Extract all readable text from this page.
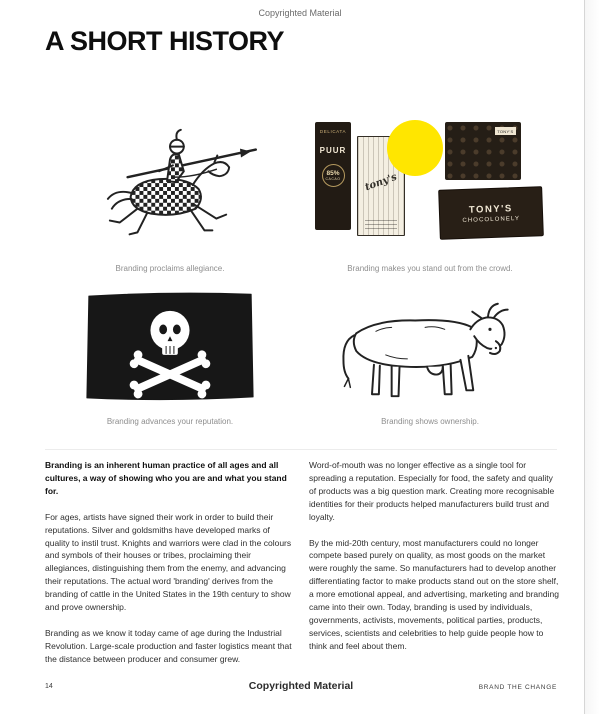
Copyrighted Material
A SHORT HISTORY
Branding proclaims allegiance.
DELICATA
PUUR
85%
CACAO	tony's
TONY'S
TONY'S
CHOCOLONELY
Branding makes you stand out from the crowd.
Branding advances your reputation.	Branding shows ownership.

Branding is an inherent human practice of all ages and all cultures, a way of showing who you are and what you stand for.

For ages, artists have signed their work in order to build their reputations. Silver and goldsmiths have developed marks of quality to instil trust. Knights and warriors were clad in the colours and symbols of their houses or tribes, proclaiming their allegiances, distinguishing them from the enemy, and advancing their reputations. The actual word 'branding' derives from the branding of cattle in the United States in the 19th century to show and prove ownership.

Branding as we know it today came of age during the Industrial Revolution. Large-scale production and faster logistics meant that the distance between producer and consumer grew.

Word-of-mouth was no longer effective as a single tool for spreading a reputation. Especially for food, the safety and quality of products was a big question mark. Creating more recognisable identities for their products helped manufacturers build trust and loyalty.

By the mid-20th century, most manufacturers could no longer compete based purely on quality, as most goods on the market were roughly the same. So manufacturers had to develop another differentiating factor to make products stand out on the store shelf, a more emotional appeal, and advertising, marketing and branding came into their own. Today, branding is used by individuals, governments, activists, movements, political parties, products, services, scientists and celebrities to help guide people how to think and feel about them.

14	Copyrighted Material	BRAND THE CHANGE
